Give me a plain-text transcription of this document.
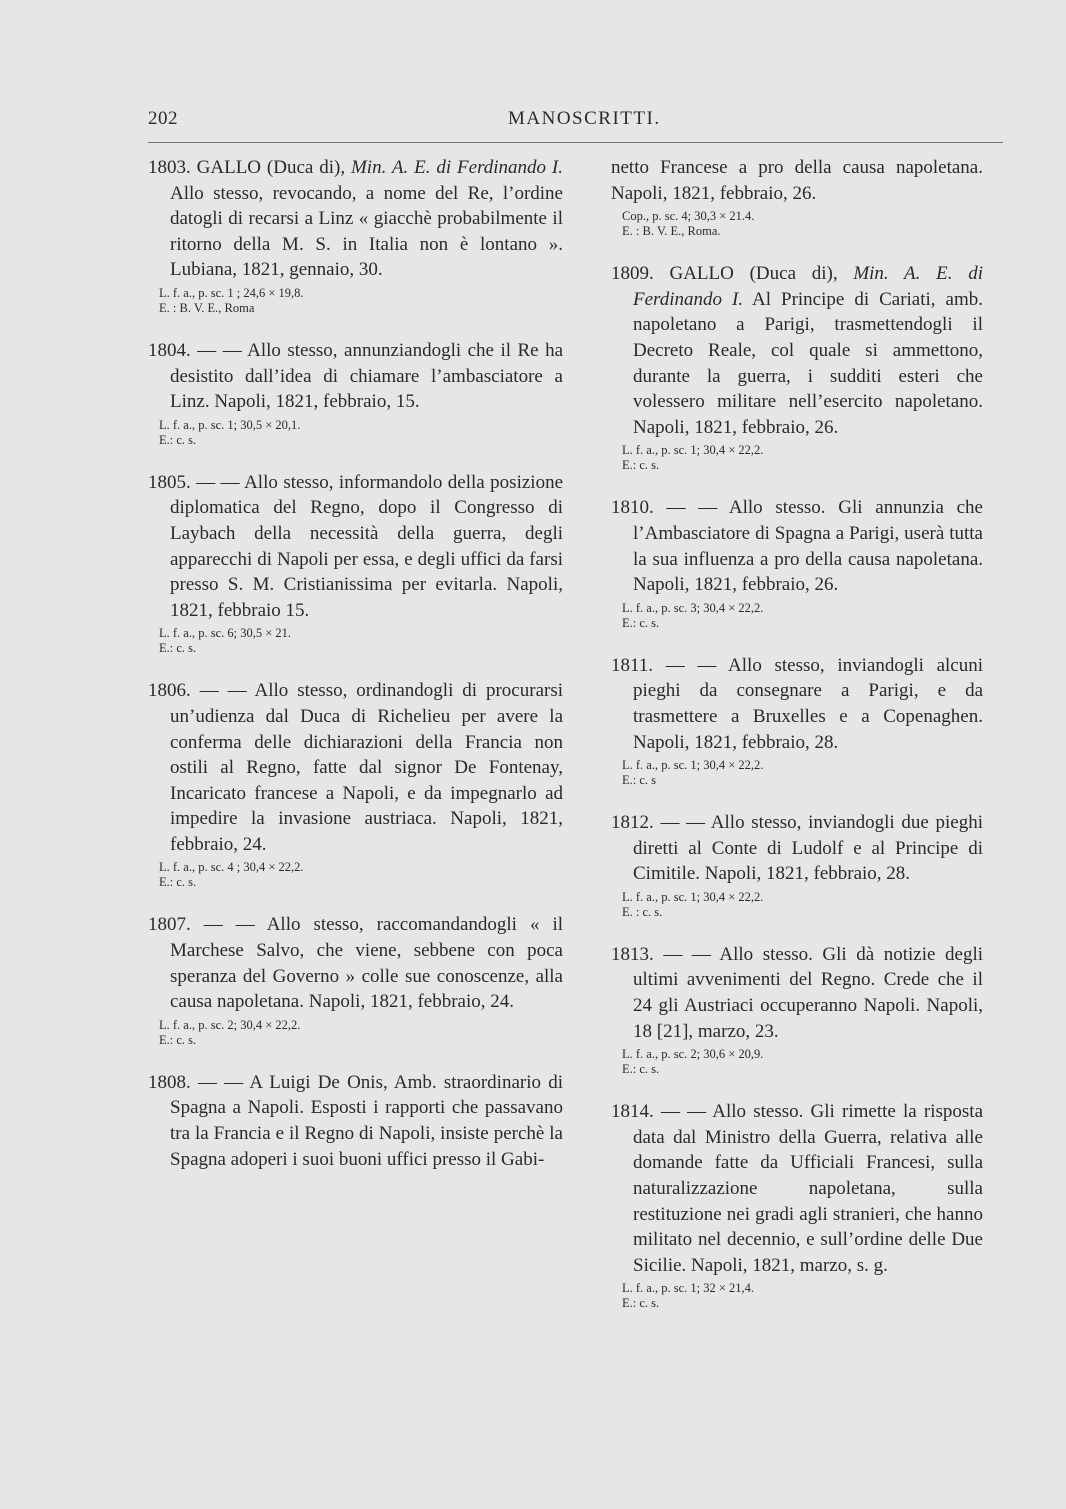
202	MANOSCRITTI.
1803. GALLO (Duca di), Min. A. E. di Ferdinando I. Allo stesso, revocando, a nome del Re, l’ordine datogli di recarsi a Linz « giacchè probabilmente il ritorno della M. S. in Italia non è lontano ». Lubiana, 1821, gennaio, 30.
L. f. a., p. sc. 1 ; 24,6 × 19,8.
E. : B. V. E., Roma
1804. — — Allo stesso, annunziandogli che il Re ha desistito dall’idea di chiamare l’ambasciatore a Linz. Napoli, 1821, febbraio, 15.
L. f. a., p. sc. 1; 30,5 × 20,1.
E.: c. s.
1805. — — Allo stesso, informandolo della posizione diplomatica del Regno, dopo il Congresso di Laybach della necessità della guerra, degli apparecchi di Napoli per essa, e degli uffici da farsi presso S. M. Cristianissima per evitarla. Napoli, 1821, febbraio 15.
L. f. a., p. sc. 6; 30,5 × 21.
E.: c. s.
1806. — — Allo stesso, ordinandogli di procurarsi un’udienza dal Duca di Richelieu per avere la conferma delle dichiarazioni della Francia non ostili al Regno, fatte dal signor De Fontenay, Incaricato francese a Napoli, e da impegnarlo ad impedire la invasione austriaca. Napoli, 1821, febbraio, 24.
L. f. a., p. sc. 4 ; 30,4 × 22,2.
E.: c. s.
1807. — — Allo stesso, raccomandandogli « il Marchese Salvo, che viene, sebbene con poca speranza del Governo » colle sue conoscenze, alla causa napoletana. Napoli, 1821, febbraio, 24.
L. f. a., p. sc. 2; 30,4 × 22,2.
E.: c. s.
1808. — — A Luigi De Onis, Amb. straordinario di Spagna a Napoli. Esposti i rapporti che passavano tra la Francia e il Regno di Napoli, insiste perchè la Spagna adoperi i suoi buoni uffici presso il Gabi-
netto Francese a pro della causa napoletana. Napoli, 1821, febbraio, 26.
Cop., p. sc. 4; 30,3 × 21.4.
E. : B. V. E., Roma.
1809. GALLO (Duca di), Min. A. E. di Ferdinando I. Al Principe di Cariati, amb. napoletano a Parigi, trasmettendogli il Decreto Reale, col quale si ammettono, durante la guerra, i sudditi esteri che volessero militare nell’esercito napoletano. Napoli, 1821, febbraio, 26.
L. f. a., p. sc. 1; 30,4 × 22,2.
E.: c. s.
1810. — — Allo stesso. Gli annunzia che l’Ambasciatore di Spagna a Parigi, userà tutta la sua influenza a pro della causa napoletana. Napoli, 1821, febbraio, 26.
L. f. a., p. sc. 3; 30,4 × 22,2.
E.: c. s.
1811. — — Allo stesso, inviandogli alcuni pieghi da consegnare a Parigi, e da trasmettere a Bruxelles e a Copenaghen. Napoli, 1821, febbraio, 28.
L. f. a., p. sc. 1; 30,4 × 22,2.
E.: c. s
1812. — — Allo stesso, inviandogli due pieghi diretti al Conte di Ludolf e al Principe di Cimitile. Napoli, 1821, febbraio, 28.
L. f. a., p. sc. 1; 30,4 × 22,2.
E. : c. s.
1813. — — Allo stesso. Gli dà notizie degli ultimi avvenimenti del Regno. Crede che il 24 gli Austriaci occuperanno Napoli. Napoli, 18 [21], marzo, 23.
L. f. a., p. sc. 2; 30,6 × 20,9.
E.: c. s.
1814. — — Allo stesso. Gli rimette la risposta data dal Ministro della Guerra, relativa alle domande fatte da Ufficiali Francesi, sulla naturalizzazione napoletana, sulla restituzione nei gradi agli stranieri, che hanno militato nel decennio, e sull’ordine delle Due Sicilie. Napoli, 1821, marzo, s. g.
L. f. a., p. sc. 1; 32 × 21,4.
E.: c. s.
